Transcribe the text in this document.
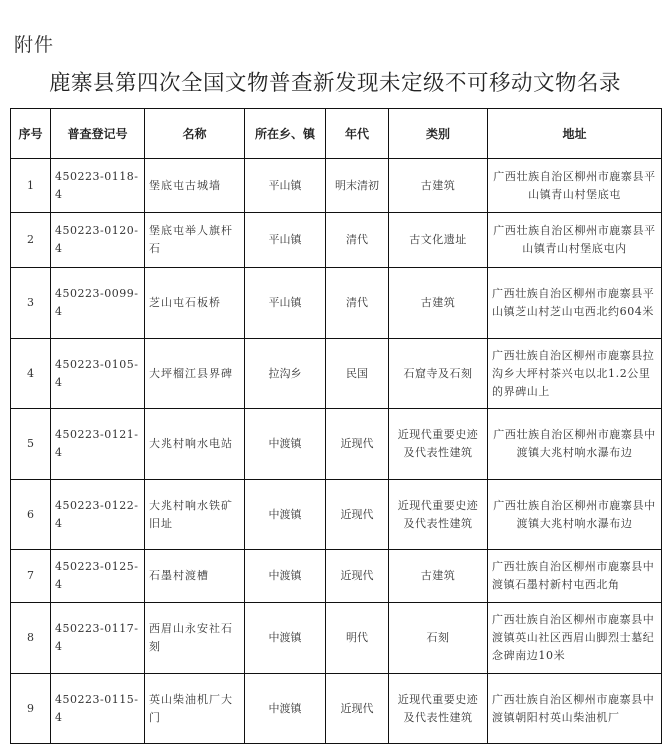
附件
鹿寨县第四次全国文物普查新发现未定级不可移动文物名录
序号	普查登记号	名称	所在乡、镇	年代	类别	地址
1	450223-0118-4	堡底屯古城墙	平山镇	明末清初	古建筑	广西壮族自治区柳州市鹿寨县平山镇青山村堡底屯
2	450223-0120-4	堡底屯举人旗杆石	平山镇	清代	古文化遗址	广西壮族自治区柳州市鹿寨县平山镇青山村堡底屯内
3	450223-0099-4	芝山屯石板桥	平山镇	清代	古建筑	广西壮族自治区柳州市鹿寨县平山镇芝山村芝山屯西北约604米
4	450223-0105-4	大坪榴江县界碑	拉沟乡	民国	石窟寺及石刻	广西壮族自治区柳州市鹿寨县拉沟乡大坪村茶兴屯以北1.2公里的界碑山上
5	450223-0121-4	大兆村响水电站	中渡镇	近现代	近现代重要史迹及代表性建筑	广西壮族自治区柳州市鹿寨县中渡镇大兆村响水瀑布边
6	450223-0122-4	大兆村响水铁矿旧址	中渡镇	近现代	近现代重要史迹及代表性建筑	广西壮族自治区柳州市鹿寨县中渡镇大兆村响水瀑布边
7	450223-0125-4	石墨村渡槽	中渡镇	近现代	古建筑	广西壮族自治区柳州市鹿寨县中渡镇石墨村新村屯西北角
8	450223-0117-4	西眉山永安社石刻	中渡镇	明代	石刻	广西壮族自治区柳州市鹿寨县中渡镇英山社区西眉山脚烈士墓纪念碑南边10米
9	450223-0115-4	英山柴油机厂大门	中渡镇	近现代	近现代重要史迹及代表性建筑	广西壮族自治区柳州市鹿寨县中渡镇朝阳村英山柴油机厂
